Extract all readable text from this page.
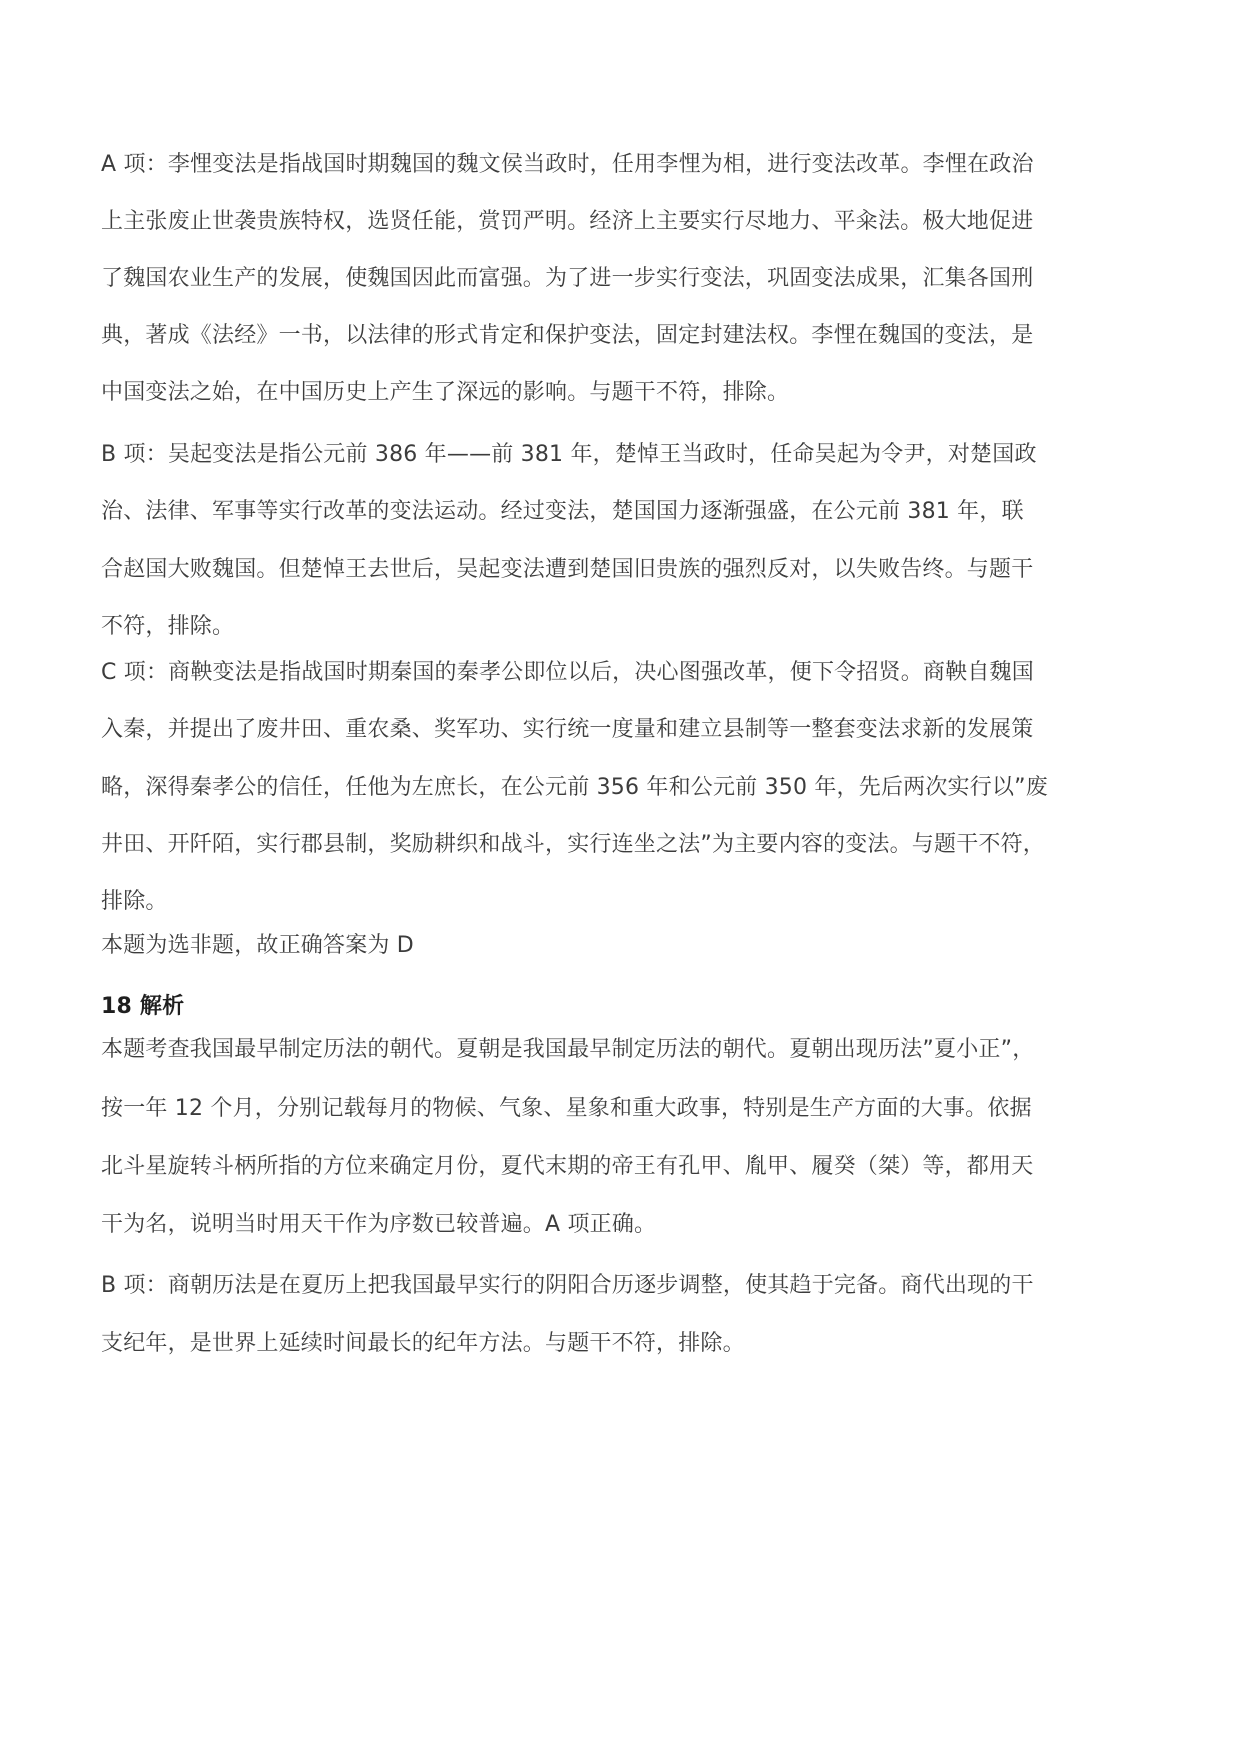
A 项：李悝变法是指战国时期魏国的魏文侯当政时，任用李悝为相，进行变法改革。李悝在政治
上主张废止世袭贵族特权，选贤任能，赏罚严明。经济上主要实行尽地力、平籴法。极大地促进
了魏国农业生产的发展，使魏国因此而富强。为了进一步实行变法，巩固变法成果，汇集各国刑
典，著成《法经》一书，以法律的形式肯定和保护变法，固定封建法权。李悝在魏国的变法，是
中国变法之始，在中国历史上产生了深远的影响。与题干不符，排除。
B 项：吴起变法是指公元前 386 年——前 381 年，楚悼王当政时，任命吴起为令尹，对楚国政
治、法律、军事等实行改革的变法运动。经过变法，楚国国力逐渐强盛，在公元前 381 年，联
合赵国大败魏国。但楚悼王去世后，吴起变法遭到楚国旧贵族的强烈反对，以失败告终。与题干
不符，排除。
C 项：商鞅变法是指战国时期秦国的秦孝公即位以后，决心图强改革，便下令招贤。商鞅自魏国
入秦，并提出了废井田、重农桑、奖军功、实行统一度量和建立县制等一整套变法求新的发展策
略，深得秦孝公的信任，任他为左庶长，在公元前 356 年和公元前 350 年，先后两次实行以”废
井田、开阡陌，实行郡县制，奖励耕织和战斗，实行连坐之法”为主要内容的变法。与题干不符，
排除。
本题为选非题，故正确答案为 D
18 解析
本题考查我国最早制定历法的朝代。夏朝是我国最早制定历法的朝代。夏朝出现历法”夏小正”，
按一年 12 个月，分别记载每月的物候、气象、星象和重大政事，特别是生产方面的大事。依据
北斗星旋转斗柄所指的方位来确定月份，夏代末期的帝王有孔甲、胤甲、履癸（桀）等，都用天
干为名，说明当时用天干作为序数已较普遍。A 项正确。
B 项：商朝历法是在夏历上把我国最早实行的阴阳合历逐步调整，使其趋于完备。商代出现的干
支纪年，是世界上延续时间最长的纪年方法。与题干不符，排除。
